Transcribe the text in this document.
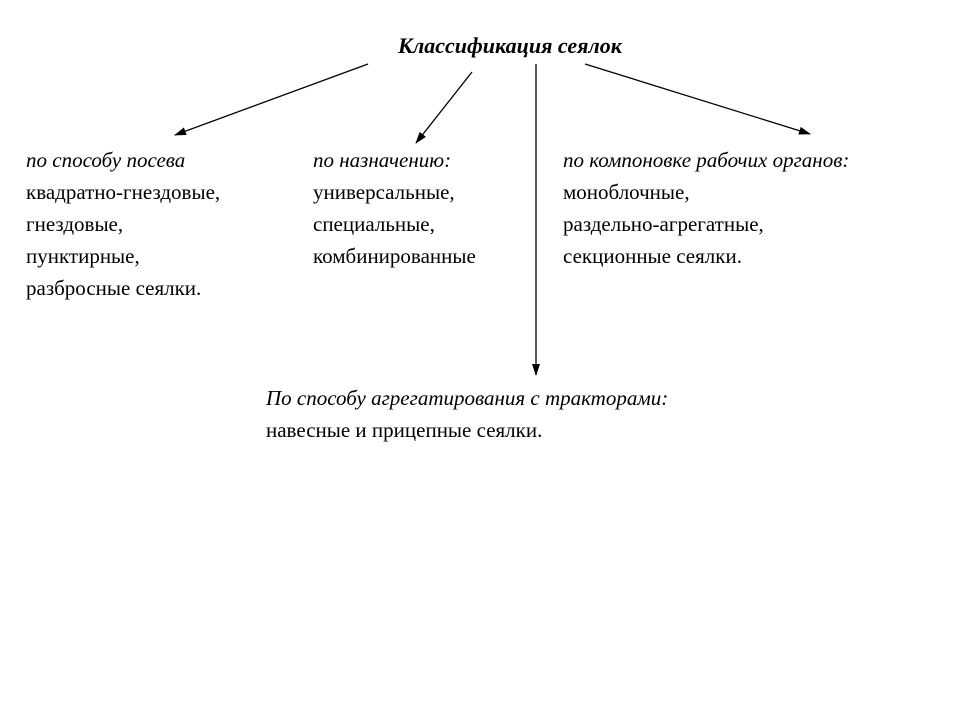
Классификация сеялок
по способу посева
квадратно-гнездовые,
гнездовые,
пунктирные,
разбросные сеялки.
по назначению:
универсальные,
специальные,
комбинированные
по компоновке рабочих органов:
моноблочные,
раздельно-агрегатные,
секционные сеялки.
По способу агрегатирования с тракторами:
навесные и прицепные сеялки.
